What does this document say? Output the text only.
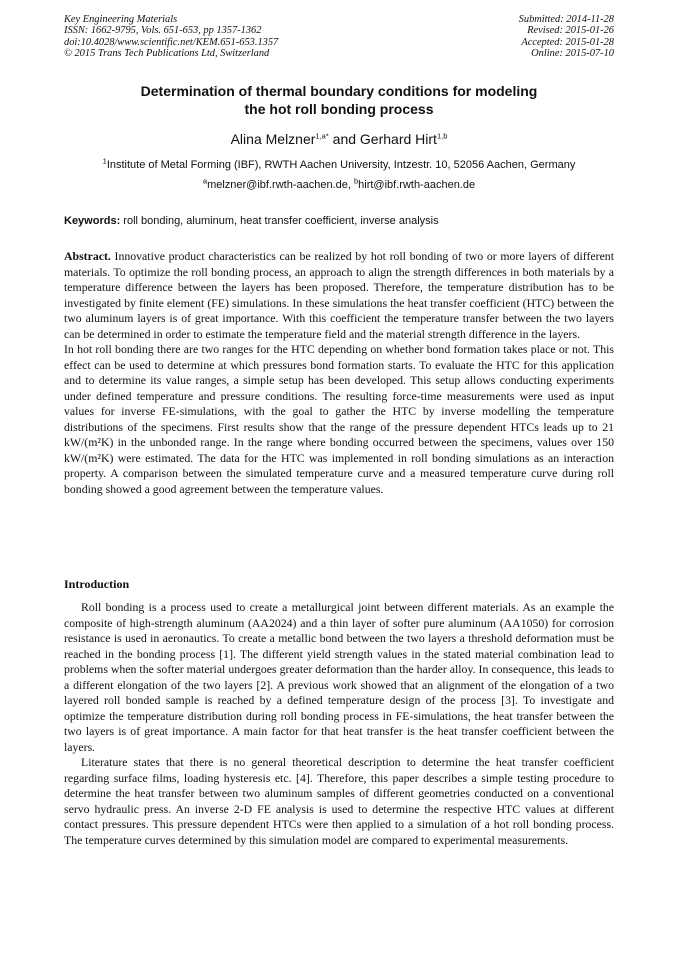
Key Engineering Materials
ISSN: 1662-9795, Vols. 651-653, pp 1357-1362
doi:10.4028/www.scientific.net/KEM.651-653.1357
© 2015 Trans Tech Publications Ltd, Switzerland
Submitted: 2014-11-28
Revised: 2015-01-26
Accepted: 2015-01-28
Online: 2015-07-10
Determination of thermal boundary conditions for modeling
the hot roll bonding process
Alina Melzner$^{1,a*}$ and Gerhard Hirt$^{1,b}$
$^1$Institute of Metal Forming (IBF), RWTH Aachen University, Intzestr. 10, 52056 Aachen, Germany
$^a$melzner@ibf.rwth-aachen.de, $^b$hirt@ibf.rwth-aachen.de
Keywords: roll bonding, aluminum, heat transfer coefficient, inverse analysis

Abstract. Innovative product characteristics can be realized by hot roll bonding of two or more layers of different materials. To optimize the roll bonding process, an approach to align the strength differences in both materials by a temperature difference between the layers has been proposed. Therefore, the temperature distribution has to be investigated by finite element (FE) simulations. In these simulations the heat transfer coefficient (HTC) between the two aluminum layers is of great importance. With this coefficient the temperature transfer between the two layers can be determined in order to estimate the temperature field and the material strength difference in the layers.

In hot roll bonding there are two ranges for the HTC depending on whether bond formation takes place or not. This effect can be used to determine at which pressures bond formation starts. To evaluate the HTC for this application and to determine its value ranges, a simple setup has been developed. This setup allows conducting experiments under defined temperature and pressure conditions. The resulting force-time measurements were used as input values for inverse FE-simulations, with the goal to gather the HTC by inverse modelling the temperature distributions of the specimens. First results show that the range of the pressure dependent HTCs leads up to 21 kW/(m²K) in the unbonded range. In the range where bonding occurred between the specimens, values over 150 kW/(m²K) were estimated. The data for the HTC was implemented in roll bonding simulations as an interaction property. A comparison between the simulated temperature curve and a measured temperature curve during roll bonding showed a good agreement between the temperature values.

Introduction

Roll bonding is a process used to create a metallurgical joint between different materials. As an example the composite of high-strength aluminum (AA2024) and a thin layer of softer pure aluminum (AA1050) for corrosion resistance is used in aeronautics. To create a metallic bond between the two layers a threshold deformation must be reached in the bonding process [1]. The different yield strength values in the stated material combination lead to problems when the softer material undergoes greater deformation than the harder alloy. In consequence, this leads to a different elongation of the two layers [2]. A previous work showed that an alignment of the elongation of a two layered roll bonded sample is reached by a defined temperature design of the process [3]. To investigate and optimize the temperature distribution during roll bonding process in FE-simulations, the heat transfer between the two layers is of great importance. A main factor for that heat transfer is the heat transfer coefficient between the layers.

Literature states that there is no general theoretical description to determine the heat transfer coefficient regarding surface films, loading hysteresis etc. [4]. Therefore, this paper describes a simple testing procedure to determine the heat transfer between two aluminum samples of different geometries conducted on a conventional servo hydraulic press. An inverse 2-D FE analysis is used to determine the respective HTC values at different contact pressures. This pressure dependent HTCs were then applied to a simulation of a hot roll bonding process. The temperature curves determined by this simulation model are compared to experimental measurements.
